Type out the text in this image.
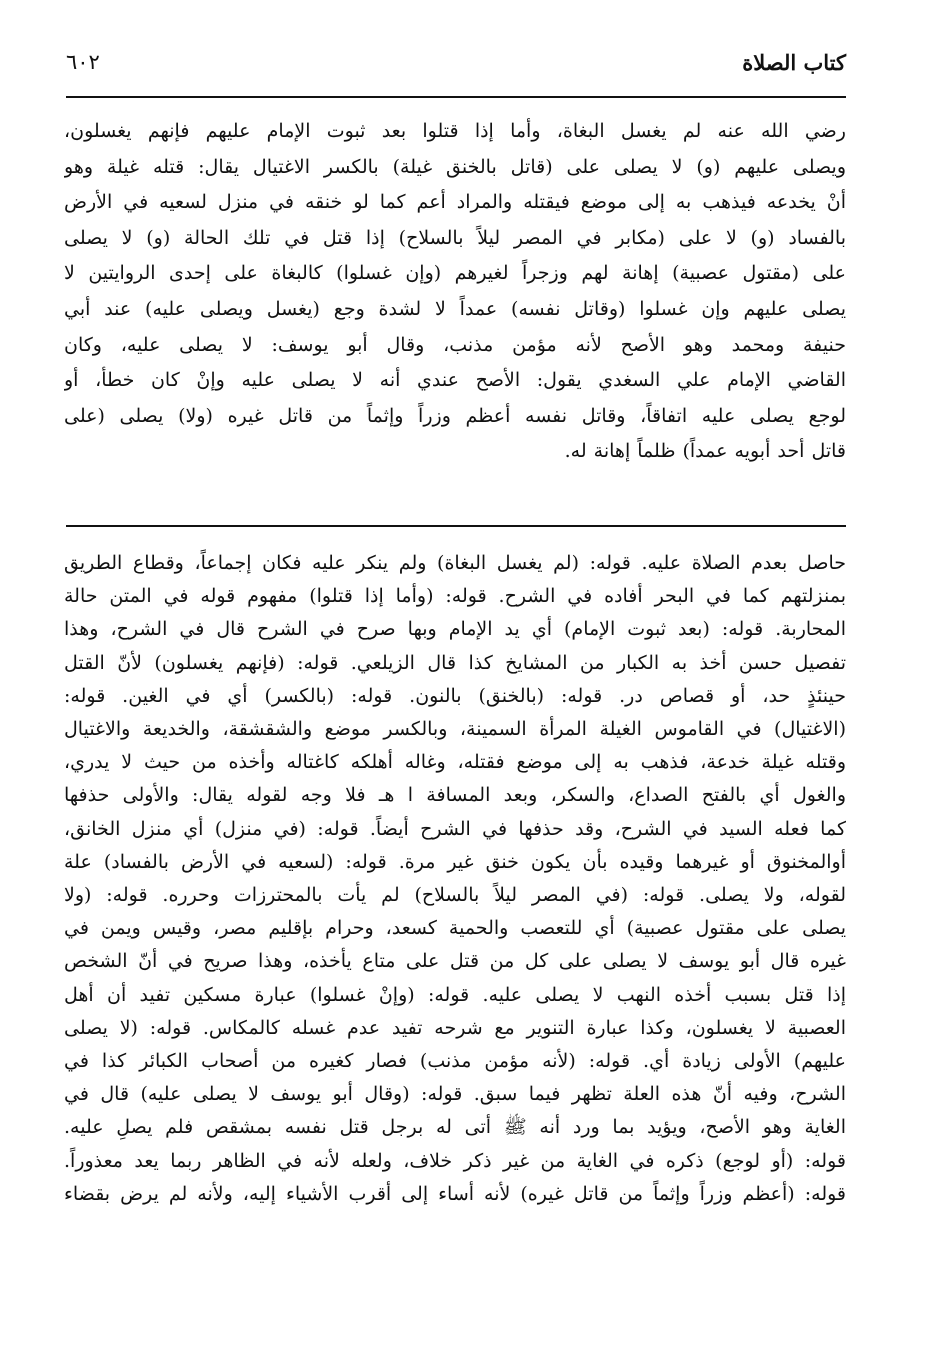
٦٠٢	كتاب الصلاة
رضي الله عنه لم يغسل البغاة، وأما إذا قتلوا بعد ثبوت الإمام عليهم فإنهم يغسلون،
ويصلى عليهم (و) لا يصلى على (قاتل بالخنق غيلة) بالكسر الاغتيال يقال: قتله غيلة وهو
أنْ يخدعه فيذهب به إلى موضع فيقتله والمراد أعم كما لو خنقه في منزل لسعيه في الأرض
بالفساد (و) لا على (مكابر في المصر ليلاً بالسلاح) إذا قتل في تلك الحالة (و) لا يصلى
على (مقتول عصبية) إهانة لهم وزجراً لغيرهم (وإن غسلوا) كالبغاة على إحدى الروايتين لا
يصلى عليهم وإن غسلوا (وقاتل نفسه) عمداً لا لشدة وجع (يغسل ويصلى عليه) عند أبي
حنيفة ومحمد وهو الأصح لأنه مؤمن مذنب، وقال أبو يوسف: لا يصلى عليه، وكان
القاضي الإمام علي السغدي يقول: الأصح عندي أنه لا يصلى عليه وإنْ كان خطأ، أو
لوجع يصلى عليه اتفاقاً، وقاتل نفسه أعظم وزراً وإثماً من قاتل غيره (ولا) يصلى (على
قاتل أحد أبويه عمداً) ظلماً إهانة له.
حاصل بعدم الصلاة عليه. قوله: (لم يغسل البغاة) ولم ينكر عليه فكان إجماعاً، وقطاع الطريق
بمنزلتهم كما في البحر أفاده في الشرح. قوله: (وأما إذا قتلوا) مفهوم قوله في المتن حالة
المحاربة. قوله: (بعد ثبوت الإمام) أي يد الإمام وبها صرح في الشرح قال في الشرح، وهذا
تفصيل حسن أخذ به الكبار من المشايخ كذا قال الزيلعي. قوله: (فإنهم يغسلون) لأنّ القتل
حينئذٍ حد، أو قصاص در. قوله: (بالخنق) بالنون. قوله: (بالكسر) أي في الغين. قوله:
(الاغتيال) في القاموس الغيلة المرأة السمينة، وبالكسر موضع والشقشقة، والخديعة والاغتيال
وقتله غيلة خدعة، فذهب به إلى موضع فقتله، وغاله أهلكه كاغتاله وأخذه من حيث لا يدري،
والغول أي بالفتح الصداع، والسكر، وبعد المسافة ا هـ فلا وجه لقوله يقال: والأولى حذفها
كما فعله السيد في الشرح، وقد حذفها في الشرح أيضاً. قوله: (في منزل) أي منزل الخانق،
أوالمخنوق أو غيرهما وقيده بأن يكون خنق غير مرة. قوله: (لسعيه في الأرض بالفساد) علة
لقوله، ولا يصلى. قوله: (في المصر ليلاً بالسلاح) لم يأت بالمحترزات وحرره. قوله: (ولا
يصلى على مقتول عصبية) أي للتعصب والحمية كسعد، وحرام بإقليم مصر، وقيس ويمن في
غيره قال أبو يوسف لا يصلى على كل من قتل على متاع يأخذه، وهذا صريح في أنّ الشخص
إذا قتل بسبب أخذه النهب لا يصلى عليه. قوله: (وإنْ غسلوا) عبارة مسكين تفيد أن أهل
العصبية لا يغسلون، وكذا عبارة التنوير مع شرحه تفيد عدم غسله كالمكاس. قوله: (لا يصلى
عليهم) الأولى زيادة أي. قوله: (لأنه مؤمن مذنب) فصار كغيره من أصحاب الكبائر كذا في
الشرح، وفيه أنّ هذه العلة تظهر فيما سبق. قوله: (وقال أبو يوسف لا يصلى عليه) قال في
الغاية وهو الأصح، ويؤيد بما ورد أنه ﷺ أتى له برجل قتل نفسه بمشقص فلم يصلِ عليه.
قوله: (أو لوجع) ذكره في الغاية من غير ذكر خلاف، ولعله لأنه في الظاهر ربما يعد معذوراً.
قوله: (أعظم وزراً وإثماً من قاتل غيره) لأنه أساء إلى أقرب الأشياء إليه، ولأنه لم يرض بقضاء
